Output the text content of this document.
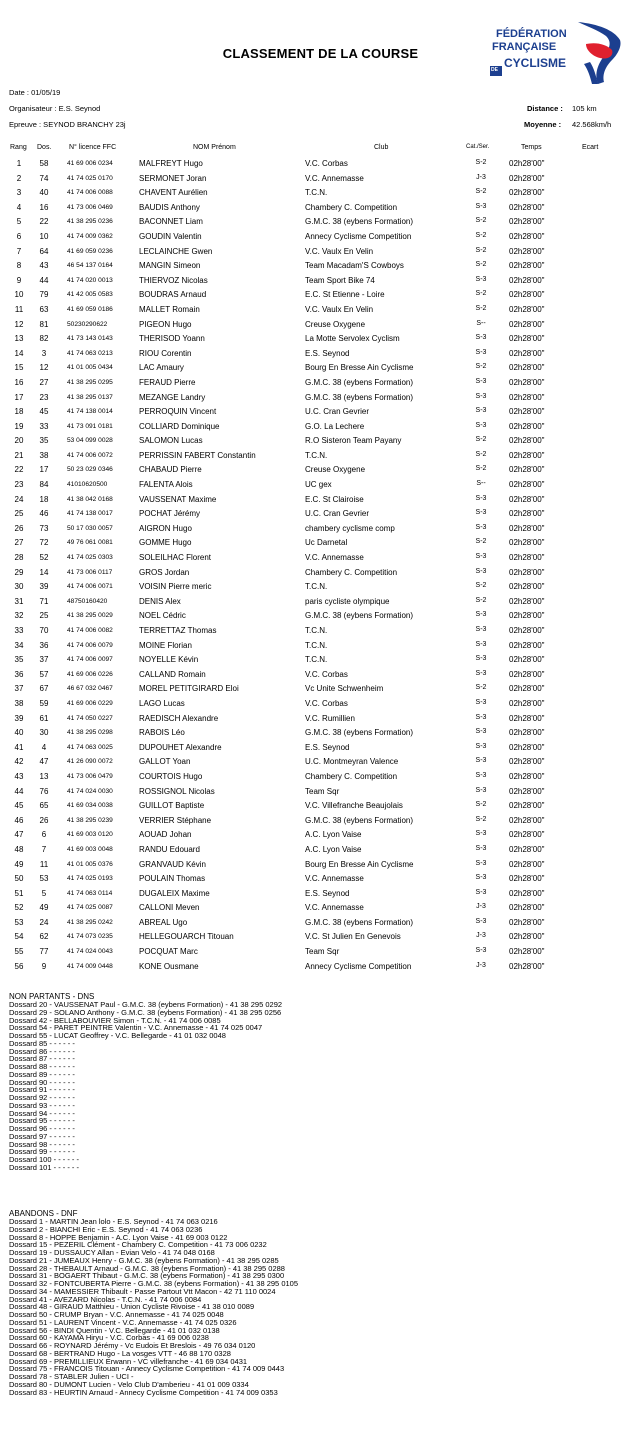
CLASSEMENT DE LA COURSE
FÉDÉRATION
FRANÇAISE
DE CYCLISME
Date : 01/05/19
Organisateur : E.S. Seynod
Epreuve : SEYNOD BRANCHY 23j
Distance : 105 km
Moyenne : 42.568km/h
Rang Dos.	N° licence FFC	NOM Prénom	Club	Cat./Ser.	Temps	Ecart
1	58	41 69 006 0234	MALFREYT Hugo	V.C. Corbas	S-2	02h28'00"
2	74	41 74 025 0170	SERMONET Joran	V.C. Annemasse	J-3	02h28'00"
3	40	41 74 006 0088	CHAVENT Aurélien	T.C.N.	S-2	02h28'00"
4	16	41 73 006 0469	BAUDIS Anthony	Chambery C. Competition	S-3	02h28'00"
5	22	41 38 295 0236	BACONNET Liam	G.M.C. 38 (eybens Formation)	S-2	02h28'00"
6	10	41 74 009 0362	GOUDIN Valentin	Annecy Cyclisme Competition	S-2	02h28'00"
7	64	41 69 059 0236	LECLAINCHE Gwen	V.C. Vaulx En Velin	S-2	02h28'00"
8	43	46 54 137 0164	MANGIN Simeon	Team Macadam'S Cowboys	S-2	02h28'00"
9	44	41 74 020 0013	THIERVOZ Nicolas	Team Sport Bike 74	S-3	02h28'00"
10	79	41 42 005 0583	BOUDRAS Arnaud	E.C. St Etienne - Loire	S-2	02h28'00"
11	63	41 69 059 0186	MALLET Romain	V.C. Vaulx En Velin	S-2	02h28'00"
12	81	50230290622	PIGEON Hugo	Creuse Oxygene	S--	02h28'00"
13	82	41 73 143 0143	THERISOD Yoann	La Motte Servolex Cyclism	S-3	02h28'00"
14	3	41 74 063 0213	RIOU Corentin	E.S. Seynod	S-3	02h28'00"
15	12	41 01 005 0434	LAC Amaury	Bourg En Bresse Ain Cyclisme	S-2	02h28'00"
16	27	41 38 295 0295	FERAUD Pierre	G.M.C. 38 (eybens Formation)	S-3	02h28'00"
17	23	41 38 295 0137	MEZANGE Landry	G.M.C. 38 (eybens Formation)	S-3	02h28'00"
18	45	41 74 138 0014	PERROQUIN Vincent	U.C. Cran Gevrier	S-3	02h28'00"
19	33	41 73 091 0181	COLLIARD Dominique	G.O. La Lechere	S-3	02h28'00"
20	35	53 04 099 0028	SALOMON Lucas	R.O Sisteron Team Payany	S-2	02h28'00"
21	38	41 74 006 0072	PERRISSIN FABERT Constantin	T.C.N.	S-2	02h28'00"
22	17	50 23 029 0346	CHABAUD Pierre	Creuse Oxygene	S-2	02h28'00"
23	84	41010620500	FALENTA Alois	UC gex	S--	02h28'00"
24	18	41 38 042 0168	VAUSSENAT Maxime	E.C. St Clairoise	S-3	02h28'00"
25	46	41 74 138 0017	POCHAT Jérémy	U.C. Cran Gevrier	S-3	02h28'00"
26	73	50 17 030 0057	AIGRON Hugo	chambery cyclisme comp	S-3	02h28'00"
27	72	49 76 061 0081	GOMME Hugo	Uc Darnetal	S-2	02h28'00"
28	52	41 74 025 0303	SOLEILHAC Florent	V.C. Annemasse	S-3	02h28'00"
29	14	41 73 006 0117	GROS Jordan	Chambery C. Competition	S-3	02h28'00"
30	39	41 74 006 0071	VOISIN Pierre meric	T.C.N.	S-2	02h28'00"
31	71	48750160420	DENIS Alex	paris cycliste olympique	S-2	02h28'00"
32	25	41 38 295 0029	NOEL Cédric	G.M.C. 38 (eybens Formation)	S-3	02h28'00"
33	70	41 74 006 0082	TERRETTAZ Thomas	T.C.N.	S-3	02h28'00"
34	36	41 74 006 0079	MOINE Florian	T.C.N.	S-3	02h28'00"
35	37	41 74 006 0097	NOYELLE Kévin	T.C.N.	S-3	02h28'00"
36	57	41 69 006 0226	CALLAND Romain	V.C. Corbas	S-3	02h28'00"
37	67	46 67 032 0467	MOREL PETITGIRARD Eloi	Vc Unite Schwenheim	S-2	02h28'00"
38	59	41 69 006 0229	LAGO Lucas	V.C. Corbas	S-3	02h28'00"
39	61	41 74 050 0227	RAEDISCH Alexandre	V.C. Rumillien	S-3	02h28'00"
40	30	41 38 295 0298	RABOIS Léo	G.M.C. 38 (eybens Formation)	S-3	02h28'00"
41	4	41 74 063 0025	DUPOUHET Alexandre	E.S. Seynod	S-3	02h28'00"
42	47	41 26 090 0072	GALLOT Yoan	U.C. Montmeyran Valence	S-3	02h28'00"
43	13	41 73 006 0479	COURTOIS Hugo	Chambery C. Competition	S-3	02h28'00"
44	76	41 74 024 0030	ROSSIGNOL Nicolas	Team Sqr	S-3	02h28'00"
45	65	41 69 034 0038	GUILLOT Baptiste	V.C. Villefranche Beaujolais	S-2	02h28'00"
46	26	41 38 295 0239	VERRIER Stéphane	G.M.C. 38 (eybens Formation)	S-2	02h28'00"
47	6	41 69 003 0120	AOUAD Johan	A.C. Lyon Vaise	S-3	02h28'00"
48	7	41 69 003 0048	RANDU Edouard	A.C. Lyon Vaise	S-3	02h28'00"
49	11	41 01 005 0376	GRANVAUD Kévin	Bourg En Bresse Ain Cyclisme	S-3	02h28'00"
50	53	41 74 025 0193	POULAIN Thomas	V.C. Annemasse	S-3	02h28'00"
51	5	41 74 063 0114	DUGALEIX Maxime	E.S. Seynod	S-3	02h28'00"
52	49	41 74 025 0087	CALLONI Meven	V.C. Annemasse	J-3	02h28'00"
53	24	41 38 295 0242	ABREAL Ugo	G.M.C. 38 (eybens Formation)	S-3	02h28'00"
54	62	41 74 073 0235	HELLEGOUARCH Titouan	V.C. St Julien En Genevois	J-3	02h28'00"
55	77	41 74 024 0043	POCQUAT Marc	Team Sqr	S-3	02h28'00"
56	9	41 74 009 0448	KONE Ousmane	Annecy Cyclisme Competition	J-3	02h28'00"
NON PARTANTS - DNS
Dossard 20 - VAUSSENAT Paul - G.M.C. 38 (eybens Formation) - 41 38 295 0292
Dossard 29 - SOLANO Anthony - G.M.C. 38 (eybens Formation) - 41 38 295 0256
Dossard 42 - BELLABOUVIER Simon - T.C.N. - 41 74 006 0085
Dossard 54 - PARET PEINTRE Valentin - V.C. Annemasse - 41 74 025 0047
Dossard 55 - LUCAT Geoffrey - V.C. Bellegarde - 41 01 032 0048
Dossard 85 - - - - - -
Dossard 86 - - - - - -
Dossard 87 - - - - - -
Dossard 88 - - - - - -
Dossard 89 - - - - - -
Dossard 90 - - - - - -
Dossard 91 - - - - - -
Dossard 92 - - - - - -
Dossard 93 - - - - - -
Dossard 94 - - - - - -
Dossard 95 - - - - - -
Dossard 96 - - - - - -
Dossard 97 - - - - - -
Dossard 98 - - - - - -
Dossard 99 - - - - - -
Dossard 100 - - - - - -
Dossard 101 - - - - - -
ABANDONS - DNF
Dossard 1 - MARTIN Jean lolo - E.S. Seynod - 41 74 063 0216
Dossard 2 - BIANCHI Eric - E.S. Seynod - 41 74 063 0236
Dossard 8 - HOPPE Benjamin - A.C. Lyon Vaise - 41 69 003 0122
Dossard 15 - PEZERIL Clément - Chambery C. Competition - 41 73 006 0232
Dossard 19 - DUSSAUCY Allan - Evian Velo - 41 74 048 0168
Dossard 21 - JUMEAUX Henry - G.M.C. 38 (eybens Formation) - 41 38 295 0285
Dossard 28 - THEBAULT Arnaud - G.M.C. 38 (eybens Formation) - 41 38 295 0288
Dossard 31 - BOGAERT Thibaut - G.M.C. 38 (eybens Formation) - 41 38 295 0300
Dossard 32 - FONTCUBERTA Pierre - G.M.C. 38 (eybens Formation) - 41 38 295 0105
Dossard 34 - MAMESSIER Thibault - Passe Partout Vtt Macon - 42 71 110 0024
Dossard 41 - AVEZARD Nicolas - T.C.N. - 41 74 006 0084
Dossard 48 - GIRAUD Matthieu - Union Cycliste Rivoise - 41 38 010 0089
Dossard 50 - CRUMP Bryan - V.C. Annemasse - 41 74 025 0048
Dossard 51 - LAURENT Vincent - V.C. Annemasse - 41 74 025 0326
Dossard 56 - BINDI Quentin - V.C. Bellegarde - 41 01 032 0138
Dossard 60 - KAYAMA Hiryu - V.C. Corbas - 41 69 006 0238
Dossard 66 - ROYNARD Jérémy - Vc Eudois Et Breslois - 49 76 034 0120
Dossard 68 - BERTRAND Hugo - La vosges VTT - 46 88 170 0328
Dossard 69 - PREMILLIEUX Erwann - VC villefranche - 41 69 034 0431
Dossard 75 - FRANCOIS Titouan - Annecy Cyclisme Competition - 41 74 009 0443
Dossard 78 - STABLER Julien - UCI -
Dossard 80 - DUMONT Lucien - Velo Club D'amberieu - 41 01 009 0334
Dossard 83 - HEURTIN Arnaud - Annecy Cyclisme Competition - 41 74 009 0353
